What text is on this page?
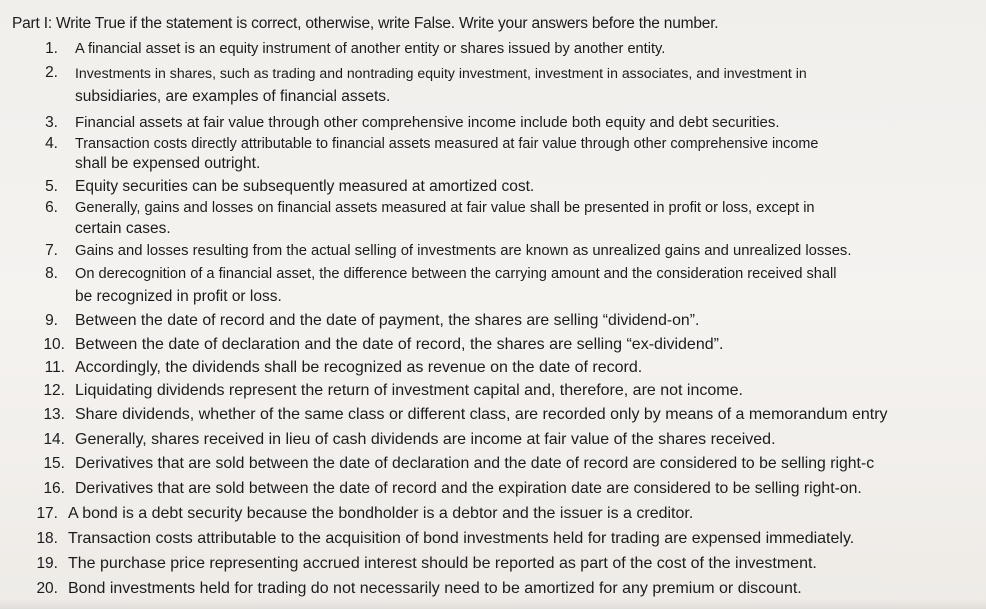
Part I: Write True if the statement is correct, otherwise, write False. Write your answers before the number.
1. A financial asset is an equity instrument of another entity or shares issued by another entity.
2. Investments in shares, such as trading and nontrading equity investment, investment in associates, and investment in
subsidiaries, are examples of financial assets.
3. Financial assets at fair value through other comprehensive income include both equity and debt securities.
4. Transaction costs directly attributable to financial assets measured at fair value through other comprehensive income
shall be expensed outright.
5. Equity securities can be subsequently measured at amortized cost.
6. Generally, gains and losses on financial assets measured at fair value shall be presented in profit or loss, except in
certain cases.
7. Gains and losses resulting from the actual selling of investments are known as unrealized gains and unrealized losses.
8. On derecognition of a financial asset, the difference between the carrying amount and the consideration received shall
be recognized in profit or loss.
9. Between the date of record and the date of payment, the shares are selling “dividend-on”.
10. Between the date of declaration and the date of record, the shares are selling “ex-dividend”.
11. Accordingly, the dividends shall be recognized as revenue on the date of record.
12. Liquidating dividends represent the return of investment capital and, therefore, are not income.
13. Share dividends, whether of the same class or different class, are recorded only by means of a memorandum entry
14. Generally, shares received in lieu of cash dividends are income at fair value of the shares received.
15. Derivatives that are sold between the date of declaration and the date of record are considered to be selling right-c
16. Derivatives that are sold between the date of record and the expiration date are considered to be selling right-on.
17. A bond is a debt security because the bondholder is a debtor and the issuer is a creditor.
18. Transaction costs attributable to the acquisition of bond investments held for trading are expensed immediately.
19. The purchase price representing accrued interest should be reported as part of the cost of the investment.
20. Bond investments held for trading do not necessarily need to be amortized for any premium or discount.
